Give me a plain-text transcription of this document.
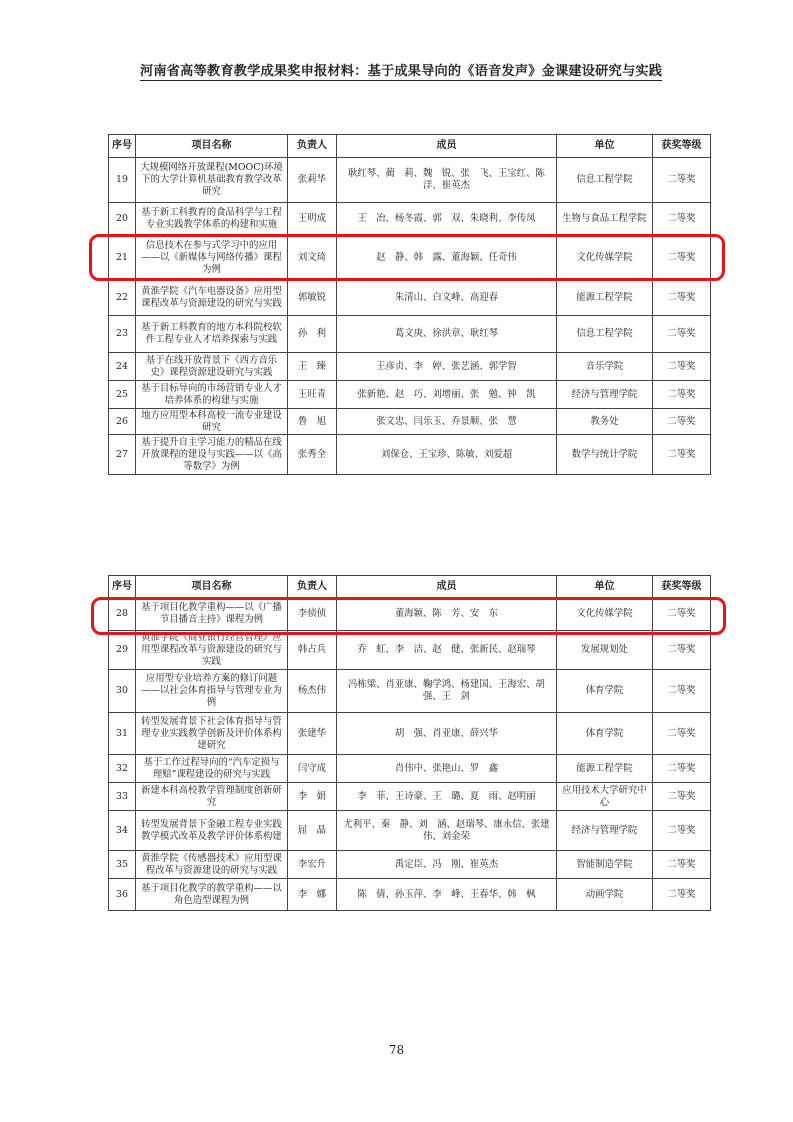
河南省高等教育教学成果奖申报材料：基于成果导向的《语音发声》金课建设研究与实践
序号	项目名称	负责人	成员	单位	获奖等级
19	大规模网络开放课程(MOOC)环境下的大学计算机基础教育教学改革研究	张莉华	耿红琴、蔺　莉、魏　锐、张　飞、王宝红、陈　洋、崔英杰	信息工程学院	二等奖
20	基于新工科教育的食品科学与工程专业实践教学体系的构建和实施	王明成	王　冶、杨冬霞、郭　双、朱晓利、李传凤	生物与食品工程学院	二等奖
21	信息技术在参与式学习中的应用——以《新媒体与网络传播》课程为例	刘文琦	赵　静、韩　露、董海颖、任奇伟	文化传媒学院	二等奖
22	黄淮学院《汽车电器设备》应用型课程改革与资源建设的研究与实践	郭敏锐	朱清山、白文峰、高迎春	能源工程学院	二等奖
23	基于新工科教育的地方本科院校软件工程专业人才培养探索与实践	孙　利	葛文庚、徐洪章、耿红琴	信息工程学院	二等奖
24	基于在线开放背景下《西方音乐史》课程资源建设研究与实践	王　臻	王彦贞、李　婷、张艺涵、郭学智	音乐学院	二等奖
25	基于目标导向的市场营销专业人才培养体系的构建与实施	王旺青	张新艳、赵　巧、刘增丽、张　勉、钟　凯	经济与管理学院	二等奖
26	地方应用型本科高校一流专业建设研究	鲁　旭	张文忠、闫乐玉、乔景顺、张　慧	教务处	二等奖
27	基于提升自主学习能力的精品在线开放课程的建设与实践——以《高等数学》为例	张秀全	刘保仓、王宝珍、陈敏、刘爱超	数学与统计学院	二等奖
序号	项目名称	负责人	成员	单位	获奖等级
28	基于项目化教学重构——以《广播节目播音主持》课程为例	李侦侦	董海颖、陈　芳、安　东	文化传媒学院	二等奖
29	黄淮学院《商业银行经营管理》应用型课程改革与资源建设的研究与实践	韩占兵	乔　虹、李　洁、赵　健、张新民、赵瑞琴	发展规划处	二等奖
30	应用型专业培养方案的修订问题——以社会体育指导与管理专业为例	杨杰伟	冯栋梁、肖亚康、鞠学鸿、杨建国、王海宏、胡　强、王　剑	体育学院	二等奖
31	转型发展背景下社会体育指导与管理专业实践教学创新及评价体系构建研究	张建华	胡　强、肖亚康、薛兴华	体育学院	二等奖
32	基于工作过程导向的“汽车定损与理赔”课程建设的研究与实践	闫守成	肖伟中、张艳山、罗　鑫	能源工程学院	二等奖
33	新建本科高校教学管理制度创新研究	李　娟	李　菲、王诗豪、王　璐、夏　雨、赵明丽	应用技术大学研究中心	二等奖
34	转型发展背景下金融工程专业实践教学模式改革及教学评价体系构建	屈　晶	尤利平、秦　静、刘　涵、赵瑞琴、康永信、张建伟、刘金荣	经济与管理学院	二等奖
35	黄淮学院《传感器技术》应用型课程改革与资源建设的研究与实践	李宏升	禹定臣、冯　刚、崔英杰	智能制造学院	二等奖
36	基于项目化教学的教学重构——以角色造型课程为例	李　娜	陈　倩、孙玉萍、李　峰、王春华、韩　枫	动画学院	二等奖
78
